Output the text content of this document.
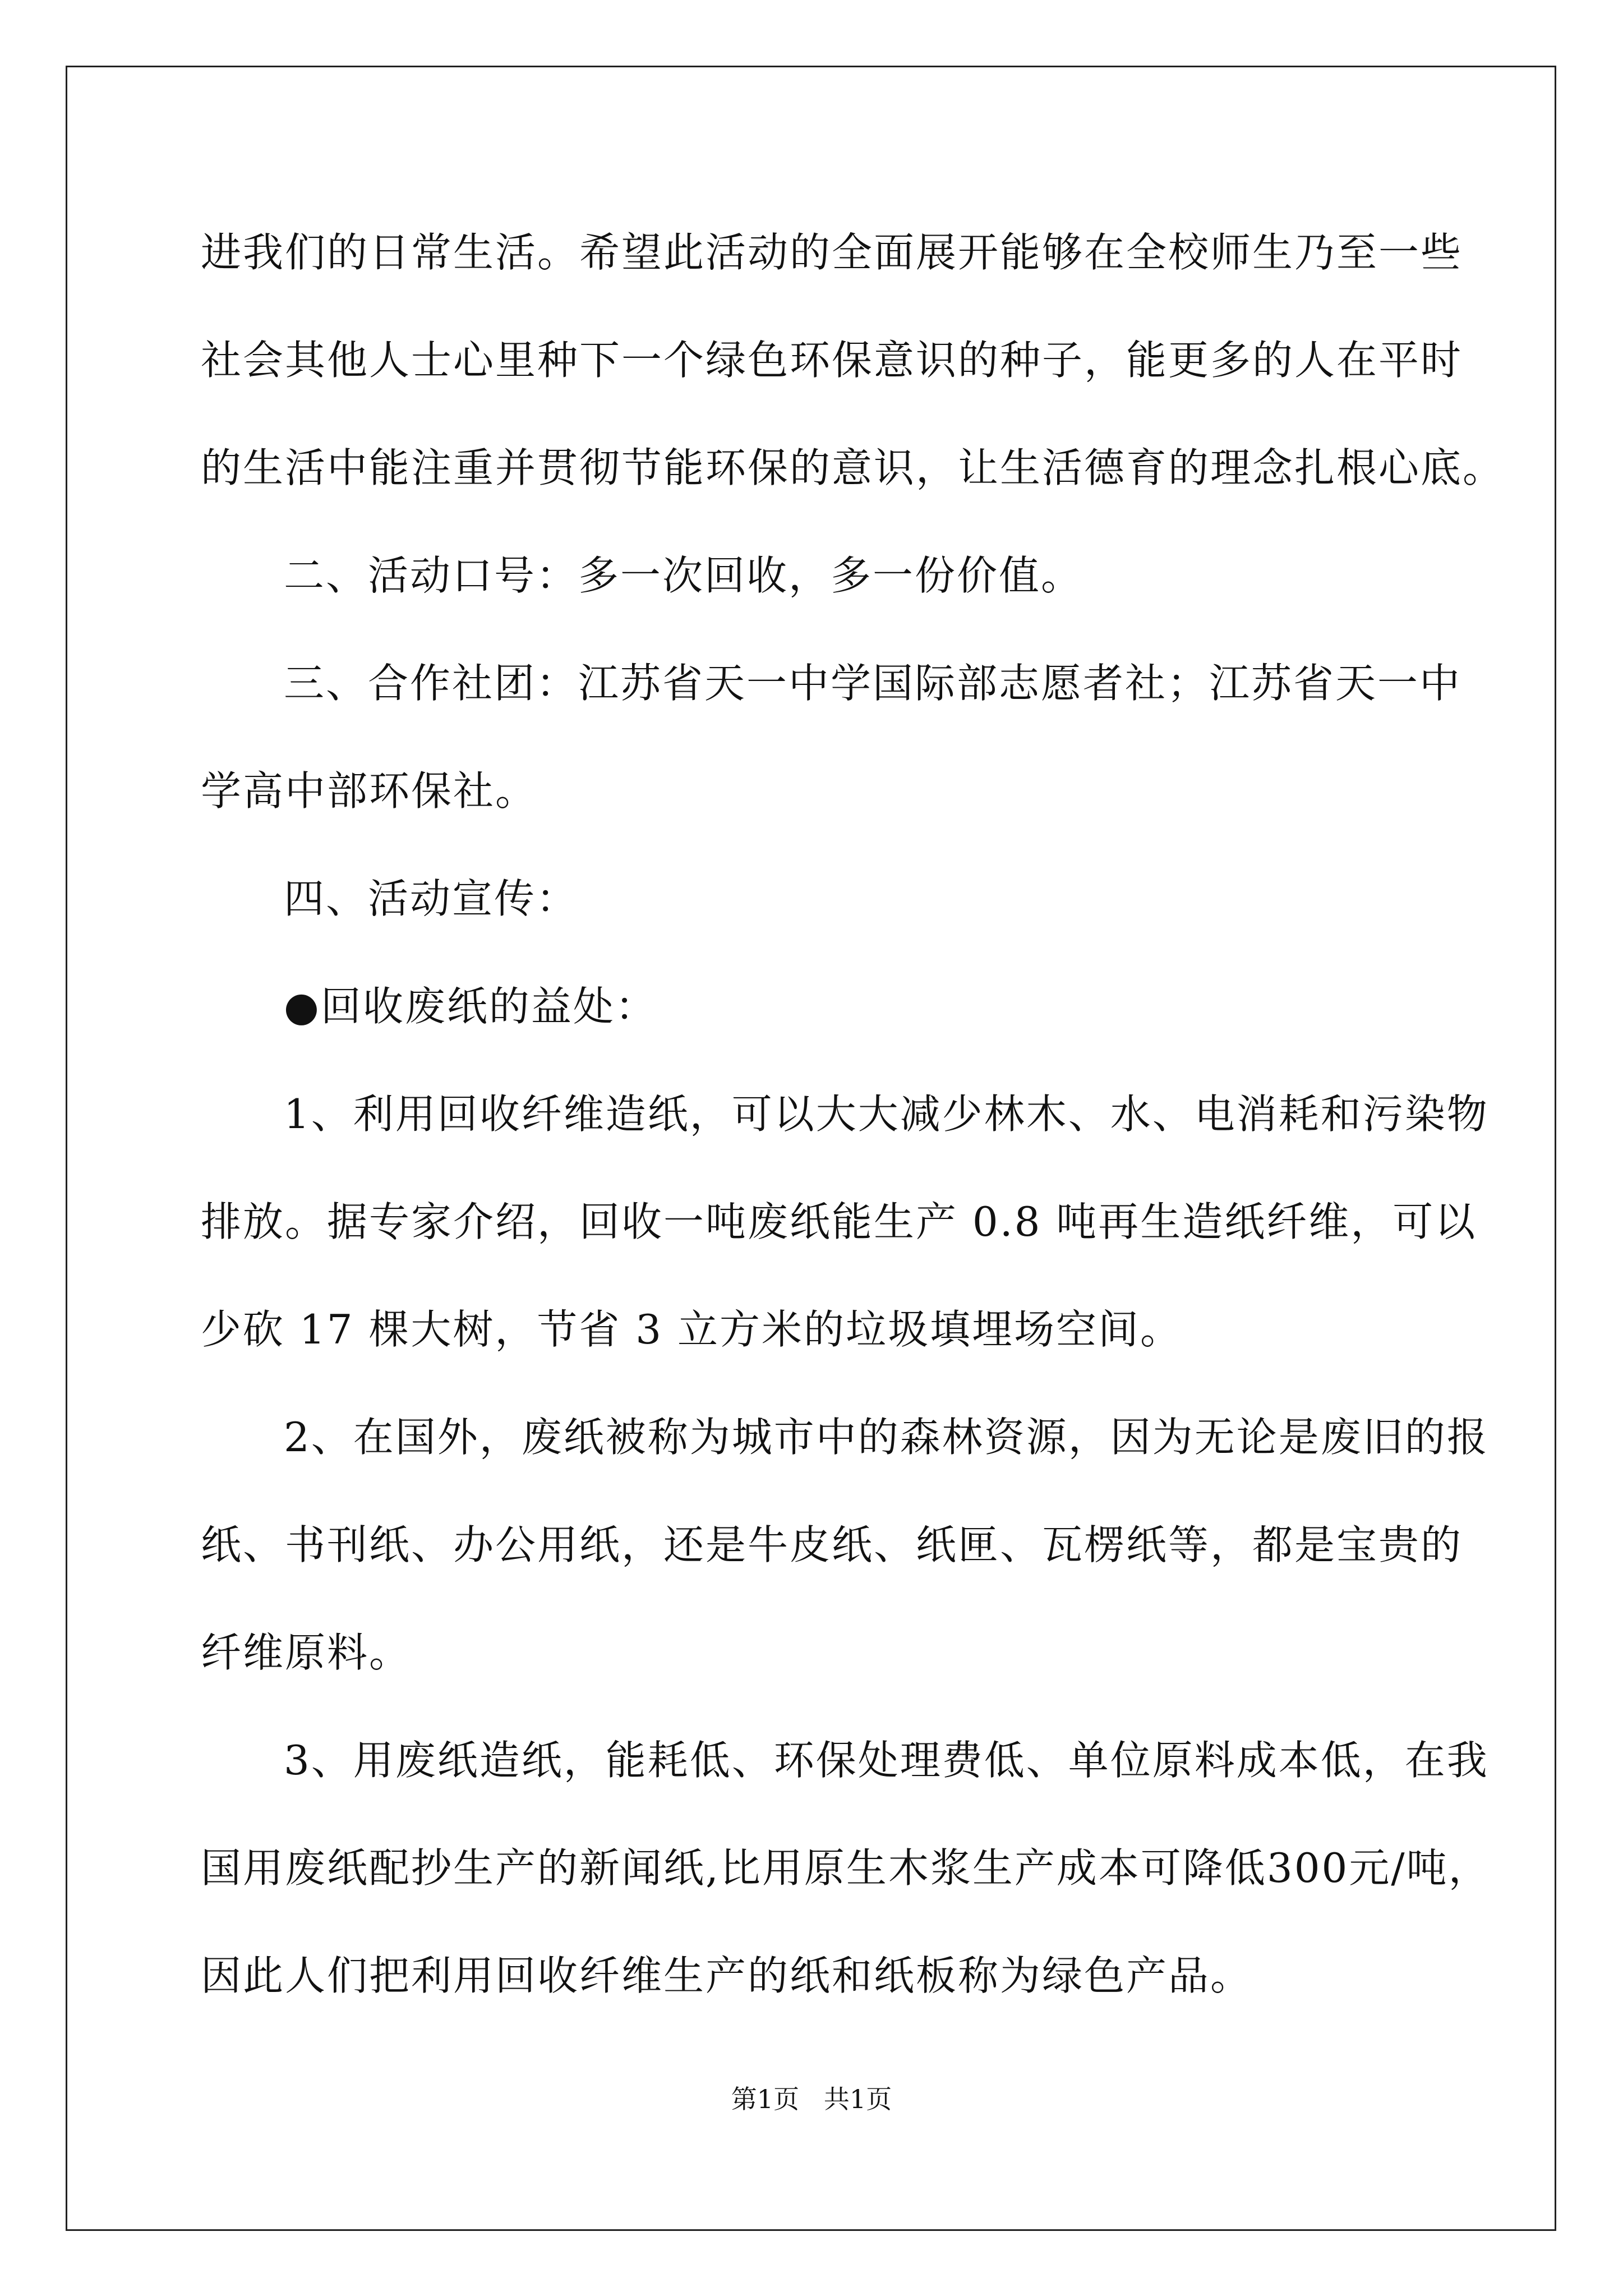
进我们的日常生活。希望此活动的全面展开能够在全校师生乃至一些
社会其他人士心里种下一个绿色环保意识的种子，能更多的人在平时
的生活中能注重并贯彻节能环保的意识，让生活德育的理念扎根心底。
二、活动口号：多一次回收，多一份价值。
三、合作社团：江苏省天一中学国际部志愿者社；江苏省天一中
学高中部环保社。
四、活动宣传：
●回收废纸的益处：
1、利用回收纤维造纸，可以大大减少林木、水、电消耗和污染物
排放。据专家介绍，回收一吨废纸能生产 0.8 吨再生造纸纤维，可以
少砍 17 棵大树，节省 3 立方米的垃圾填埋场空间。
2、在国外，废纸被称为城市中的森林资源，因为无论是废旧的报
纸、书刊纸、办公用纸，还是牛皮纸、纸匣、瓦楞纸等，都是宝贵的
纤维原料。
3、用废纸造纸，能耗低、环保处理费低、单位原料成本低，在我
国用废纸配抄生产的新闻纸,比用原生木浆生产成本可降低300元/吨，
因此人们把利用回收纤维生产的纸和纸板称为绿色产品。
第1页   共1页
